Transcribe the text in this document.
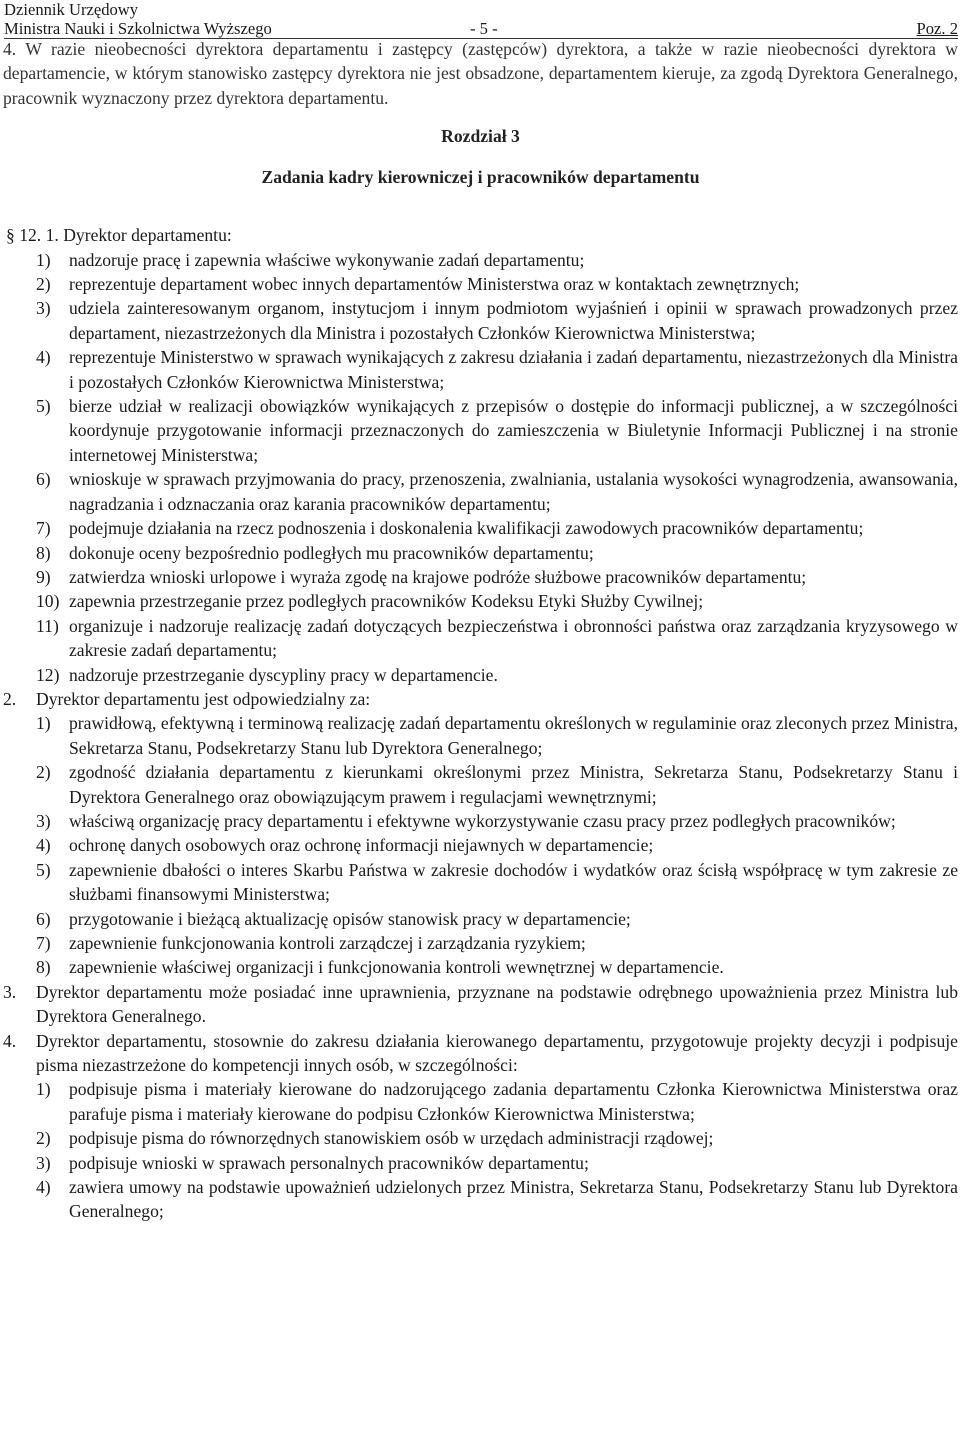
Dziennik Urzędowy
Ministra Nauki i Szkolnictwa Wyższego	- 5 -	Poz. 2
4. W razie nieobecności dyrektora departamentu i zastępcy (zastępców) dyrektora, a także w razie nieobecności dyrektora w departamencie, w którym stanowisko zastępcy dyrektora nie jest obsadzone, departamentem kieruje, za zgodą Dyrektora Generalnego, pracownik wyznaczony przez dyrektora departamentu.
Rozdział 3
Zadania kadry kierowniczej i pracowników departamentu
§ 12. 1. Dyrektor departamentu:
1)	nadzoruje pracę i zapewnia właściwe wykonywanie zadań departamentu;
2)	reprezentuje departament wobec innych departamentów Ministerstwa oraz w kontaktach zewnętrznych;
3)	udziela zainteresowanym organom, instytucjom i innym podmiotom wyjaśnień i opinii w sprawach prowadzonych przez departament, niezastrzeżonych dla Ministra i pozostałych Członków Kierownictwa Ministerstwa;
4)	reprezentuje Ministerstwo w sprawach wynikających z zakresu działania i zadań departamentu, niezastrzeżonych dla Ministra i pozostałych Członków Kierownictwa Ministerstwa;
5)	bierze udział w realizacji obowiązków wynikających z przepisów o dostępie do informacji publicznej, a w szczególności koordynuje przygotowanie informacji przeznaczonych do zamieszczenia w Biuletynie Informacji Publicznej i na stronie internetowej Ministerstwa;
6)	wnioskuje w sprawach przyjmowania do pracy, przenoszenia, zwalniania, ustalania wysokości wynagrodzenia, awansowania, nagradzania i odznaczania oraz karania pracowników departamentu;
7)	podejmuje działania na rzecz podnoszenia i doskonalenia kwalifikacji zawodowych pracowników departamentu;
8)	dokonuje oceny bezpośrednio podległych mu pracowników departamentu;
9)	zatwierdza wnioski urlopowe i wyraża zgodę na krajowe podróże służbowe pracowników departamentu;
10) zapewnia przestrzeganie przez podległych pracowników Kodeksu Etyki Służby Cywilnej;
11) organizuje i nadzoruje realizację zadań dotyczących bezpieczeństwa i obronności państwa oraz zarządzania kryzysowego w zakresie zadań departamentu;
12) nadzoruje przestrzeganie dyscypliny pracy w departamencie.
2.	Dyrektor departamentu jest odpowiedzialny za:
1)	prawidłową, efektywną i terminową realizację zadań departamentu określonych w regulaminie oraz zleconych przez Ministra, Sekretarza Stanu, Podsekretarzy Stanu lub Dyrektora Generalnego;
2)	zgodność działania departamentu z kierunkami określonymi przez Ministra, Sekretarza Stanu, Podsekretarzy Stanu i Dyrektora Generalnego oraz obowiązującym prawem i regulacjami wewnętrznymi;
3)	właściwą organizację pracy departamentu i efektywne wykorzystywanie czasu pracy przez podległych pracowników;
4)	ochronę danych osobowych oraz ochronę informacji niejawnych w departamencie;
5)	zapewnienie dbałości o interes Skarbu Państwa w zakresie dochodów i wydatków oraz ścisłą współpracę w tym zakresie ze służbami finansowymi Ministerstwa;
6)	przygotowanie i bieżącą aktualizację opisów stanowisk pracy w departamencie;
7)	zapewnienie funkcjonowania kontroli zarządczej i zarządzania ryzykiem;
8)	zapewnienie właściwej organizacji i funkcjonowania kontroli wewnętrznej w departamencie.
3.	Dyrektor departamentu może posiadać inne uprawnienia, przyznane na podstawie odrębnego upoważnienia przez Ministra lub Dyrektora Generalnego.
4.	Dyrektor departamentu, stosownie do zakresu działania kierowanego departamentu, przygotowuje projekty decyzji i podpisuje pisma niezastrzeżone do kompetencji innych osób, w szczególności:
1)	podpisuje pisma i materiały kierowane do nadzorującego zadania departamentu Członka Kierownictwa Ministerstwa oraz parafuje pisma i materiały kierowane do podpisu Członków Kierownictwa Ministerstwa;
2)	podpisuje pisma do równorzędnych stanowiskiem osób w urzędach administracji rządowej;
3)	podpisuje wnioski w sprawach personalnych pracowników departamentu;
4)	zawiera umowy na podstawie upoważnień udzielonych przez Ministra, Sekretarza Stanu, Podsekretarzy Stanu lub Dyrektora Generalnego;
